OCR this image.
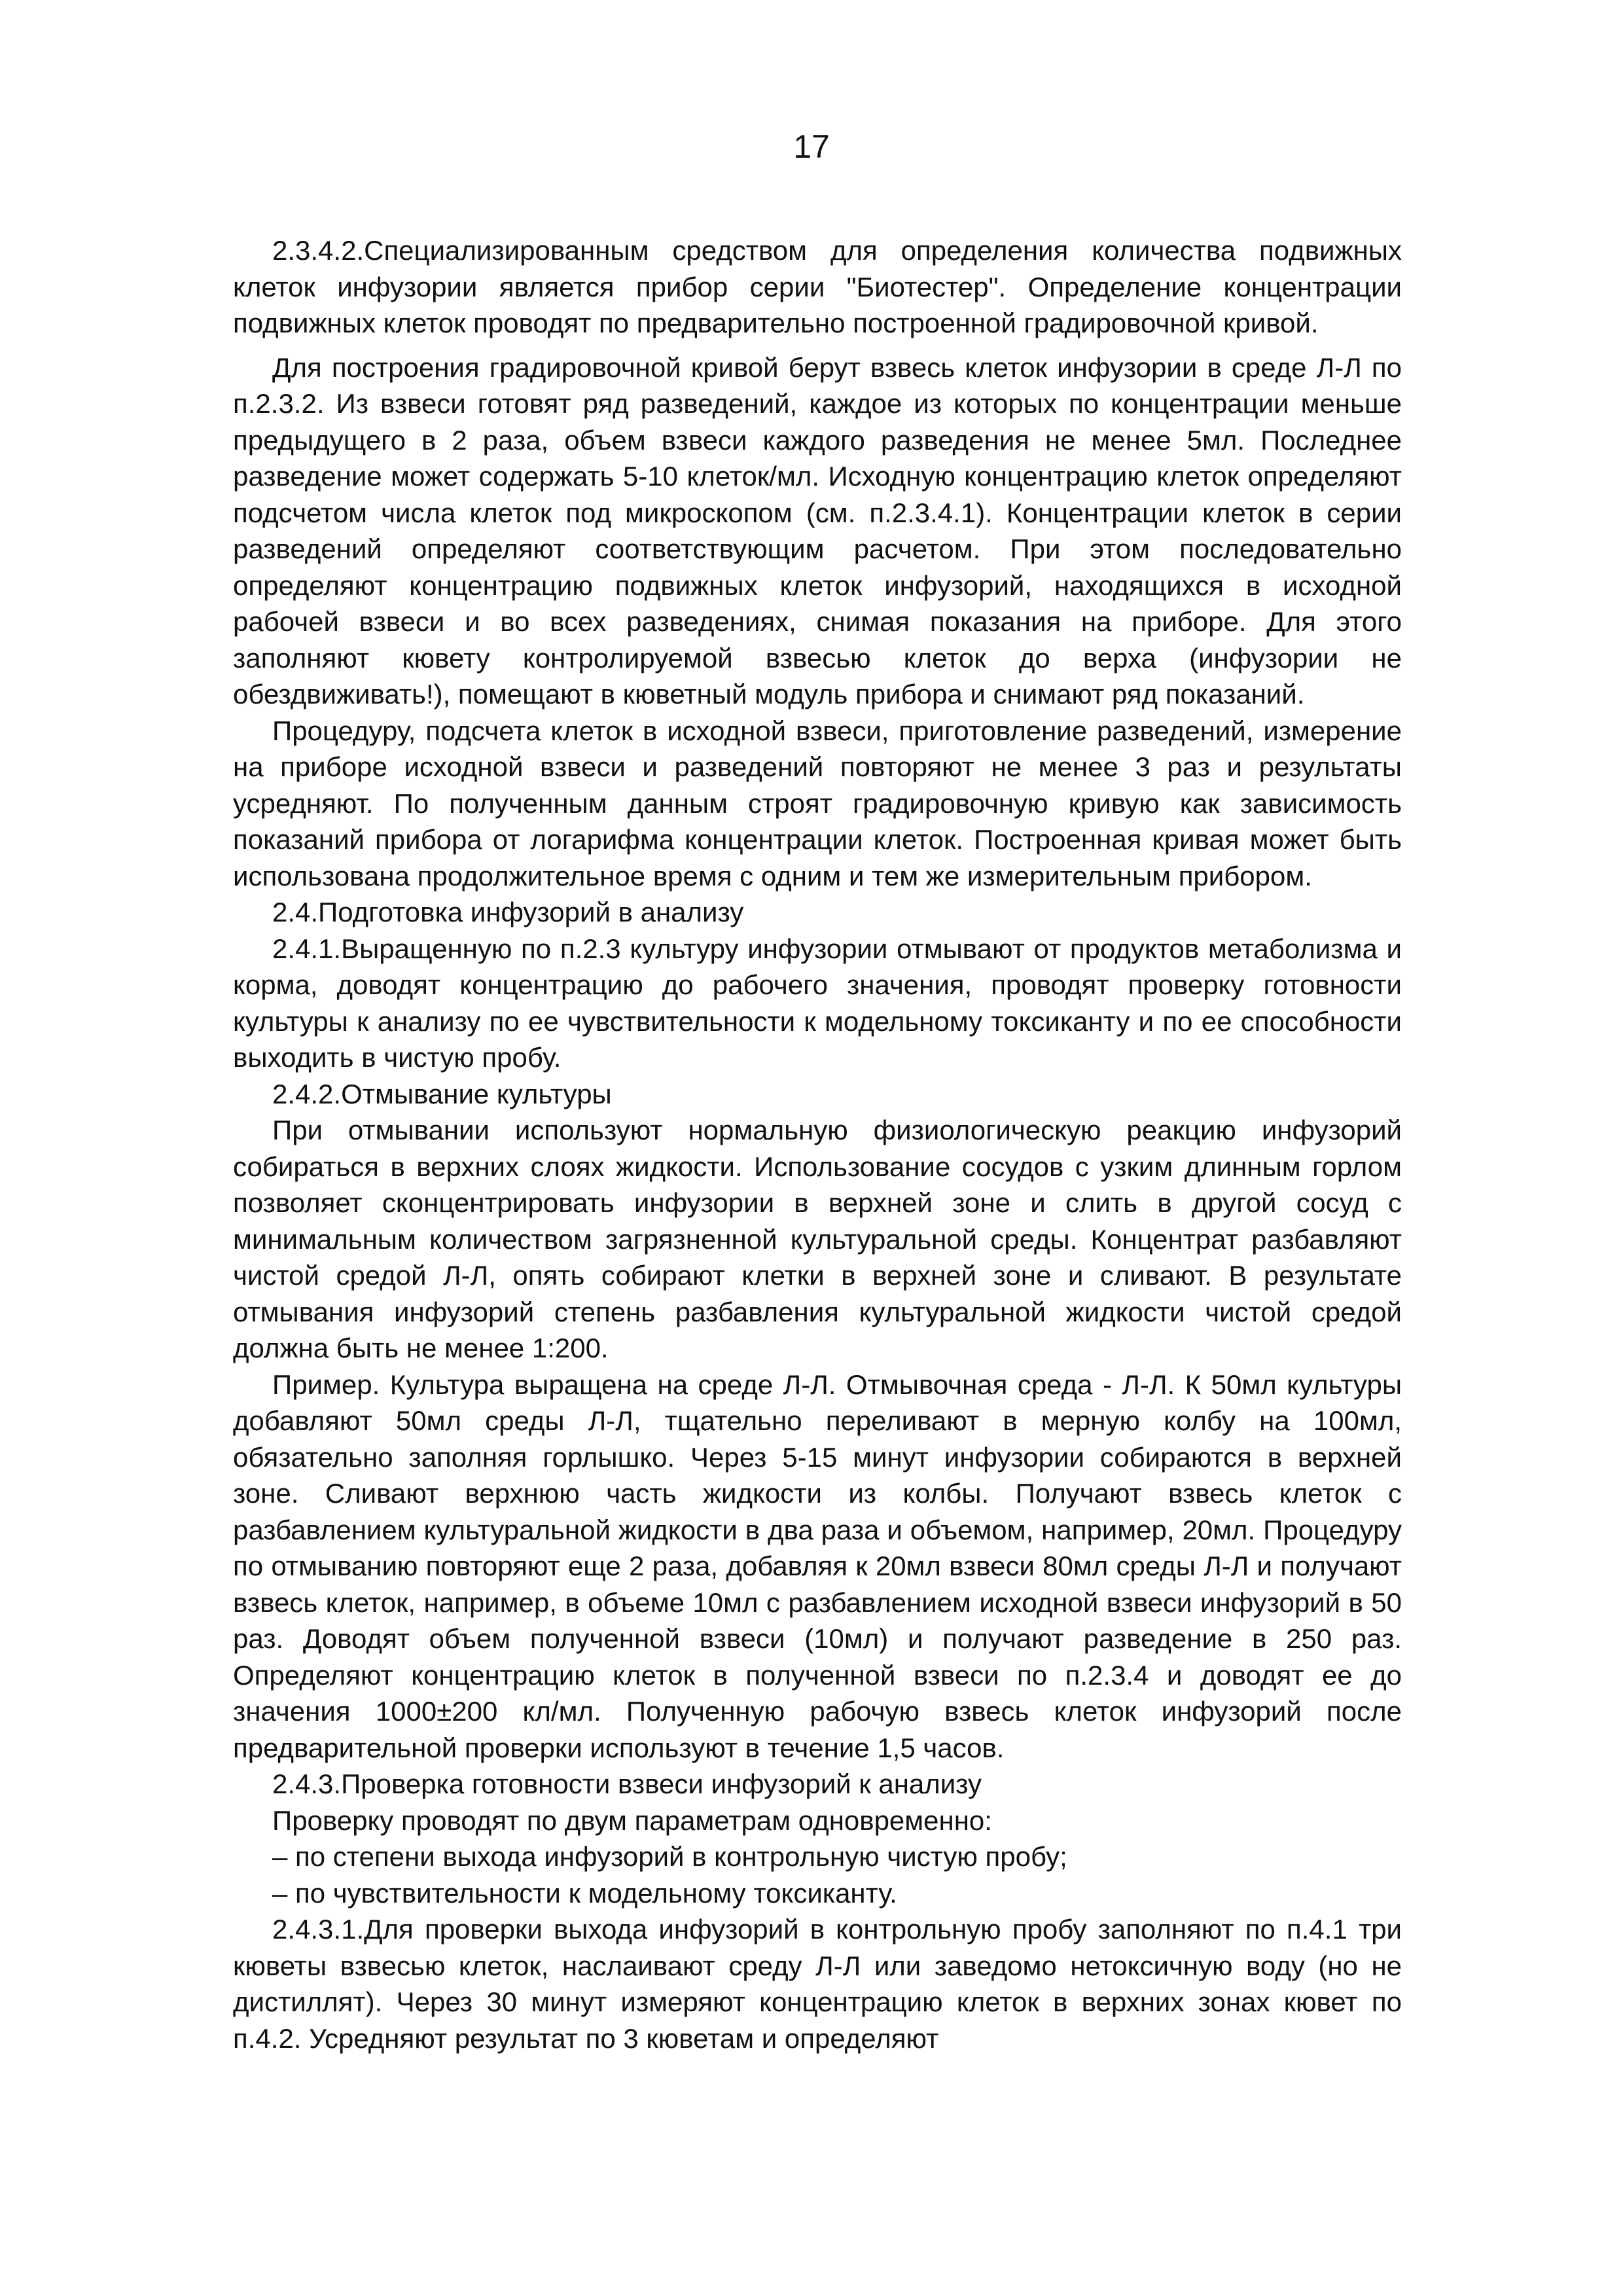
17

2.3.4.2.Специализированным средством для определения количества подвижных клеток инфузории является прибор серии "Биотестер". Определение концентрации подвижных клеток проводят по предварительно построенной градировочной кривой.

Для построения градировочной кривой берут взвесь клеток инфузории в среде Л-Л по п.2.3.2. Из взвеси готовят ряд разведений, каждое из которых по концентрации меньше предыдущего в 2 раза, объем взвеси каждого разведения не менее 5мл. Последнее разведение может содержать 5-10 клеток/мл. Исходную концентрацию клеток определяют подсчетом числа клеток под микроскопом (см. п.2.3.4.1). Концентрации клеток в серии разведений определяют соответствующим расчетом. При этом последовательно определяют концентрацию подвижных клеток инфузорий, находящихся в исходной рабочей взвеси и во всех разведениях, снимая показания на приборе. Для этого заполняют кювету контролируемой взвесью клеток до верха (инфузории не обездвиживать!), помещают в кюветный модуль прибора и снимают ряд показаний.

Процедуру, подсчета клеток в исходной взвеси, приготовление разведений, измерение на приборе исходной взвеси и разведений повторяют не менее 3 раз и результаты усредняют. По полученным данным строят градировочную кривую как зависимость показаний прибора от логарифма концентрации клеток. Построенная кривая может быть использована продолжительное время с одним и тем же измерительным прибором.

2.4.Подготовка инфузорий в анализу

2.4.1.Выращенную по п.2.3 культуру инфузории отмывают от продуктов метаболизма и корма, доводят концентрацию до рабочего значения, проводят проверку готовности культуры к анализу по ее чувствительности к модельному токсиканту и по ее способности выходить в чистую пробу.

2.4.2.Отмывание культуры

При отмывании используют нормальную физиологическую реакцию инфузорий собираться в верхних слоях жидкости. Использование сосудов с узким длинным горлом позволяет сконцентрировать инфузории в верхней зоне и слить в другой сосуд с минимальным количеством загрязненной культуральной среды. Концентрат разбавляют чистой средой Л-Л, опять собирают клетки в верхней зоне и сливают. В результате отмывания инфузорий степень разбавления культуральной жидкости чистой средой должна быть не менее 1:200.

Пример. Культура выращена на среде Л-Л. Отмывочная среда - Л-Л. К 50мл культуры добавляют 50мл среды Л-Л, тщательно переливают в мерную колбу на 100мл, обязательно заполняя горлышко. Через 5-15 минут инфузории собираются в верхней зоне. Сливают верхнюю часть жидкости из колбы. Получают взвесь клеток с разбавлением культуральной жидкости в два раза и объемом, например, 20мл. Процедуру по отмыванию повторяют еще 2 раза, добавляя к 20мл взвеси 80мл среды Л-Л и получают взвесь клеток, например, в объеме 10мл с разбавлением исходной взвеси инфузорий в 50 раз. Доводят объем полученной взвеси (10мл) и получают разведение в 250 раз. Определяют концентрацию клеток в полученной взвеси по п.2.3.4 и доводят ее до значения 1000±200 кл/мл. Полученную рабочую взвесь клеток инфузорий после предварительной проверки используют в течение 1,5 часов.

2.4.3.Проверка готовности взвеси инфузорий к анализу

Проверку проводят по двум параметрам одновременно:

– по степени выхода инфузорий в контрольную чистую пробу;

– по чувствительности к модельному токсиканту.

2.4.3.1.Для проверки выхода инфузорий в контрольную пробу заполняют по п.4.1 три кюветы взвесью клеток, наслаивают среду Л-Л или заведомо нетоксичную воду (но не дистиллят). Через 30 минут измеряют концентрацию клеток в верхних зонах кювет по п.4.2. Усредняют результат по 3 кюветам и определяют
